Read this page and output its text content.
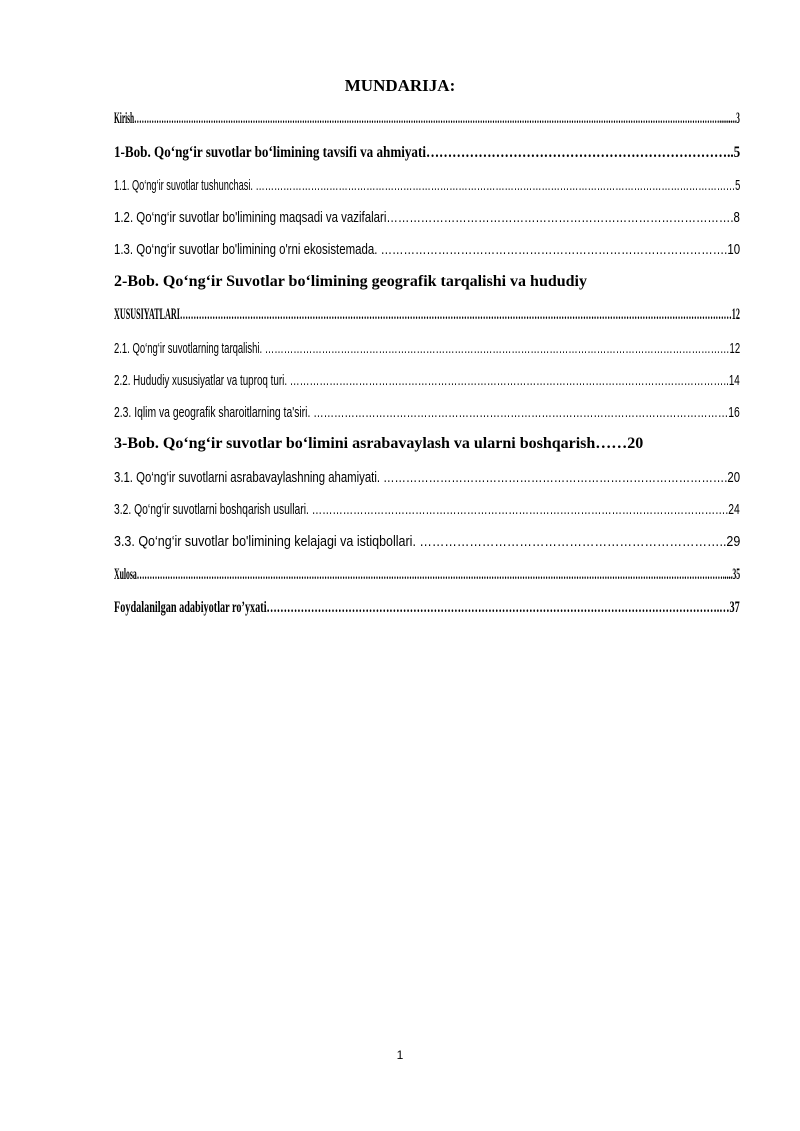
MUNDARIJA:
Kirish………………………………………………………………………………………………………………………………………………………………………………………………………………….........3
1-Bob. Qo‘ng‘ir suvotlar bo‘limining tavsifi va ahmiyati……………………………………………………………..5
1.1. Qo‘ng‘ir suvotlar tushunchasi. …………………………………………………………………………………………………………………………………………5
1.2. Qo‘ng‘ir suvotlar bo'limining maqsadi va vazifalari……………………………………………………………………………….8
1.3. Qo‘ng‘ir suvotlar bo'limining o'rni ekosistemada. ……………………………………………………………………………….10
2-Bob. Qo‘ng‘ir Suvotlar bo‘limining geografik tarqalishi va hududiy
XUSUSIYATLARI……………………………………………………………………………………………………………………………………………………………………………………12
2.1. Qo‘ng‘ir suvotlarning tarqalishi. …………………………………………………………………………………………………………………………………12
2.2. Hududiy xususiyatlar va tuproq turi. ……………………………………………………………………………………………………………………..14
2.3. Iqlim va geografik sharoitlarning ta'siri. …………………………………………………………………………………………………………16
3-Bob. Qo‘ng‘ir suvotlar bo‘limini asrabavaylash va ularni boshqarish……20
3.1. Qo‘ng‘ir suvotlarni asrabavaylashning ahamiyati. ……………………………………………………………………………….20
3.2. Qo‘ng‘ir suvotlarni boshqarish usullari. ………………………………………………………………………………………………………….24
3.3. Qo‘ng‘ir suvotlar bo'limining kelajagi va istiqbollari. ………………………………………………………………..29
Xulosa………………………………………………………………………………………………………………………………………………………………………………………………………….....35
Foydalanilgan adabiyotlar ro’yxati…………………………………………………………………………………………………………………….…37
1
